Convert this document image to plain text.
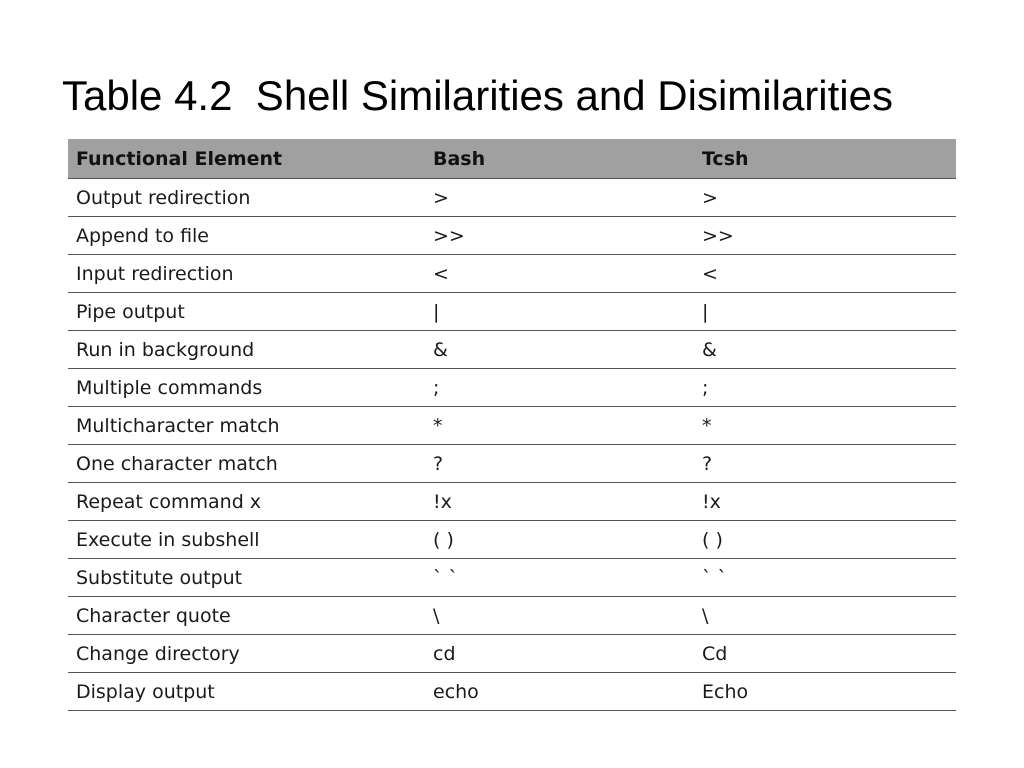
Table 4.2  Shell Similarities and Disimilarities
Functional Element	Bash	Tcsh
Output redirection	>	>
Append to file	>>	>>
Input redirection	<	<
Pipe output	|	|
Run in background	&	&
Multiple commands	;	;
Multicharacter match	*	*
One character match	?	?
Repeat command x	!x	!x
Execute in subshell	( )	( )
Substitute output	` `	` `
Character quote	\	\
Change directory	cd	Cd
Display output	echo	Echo
